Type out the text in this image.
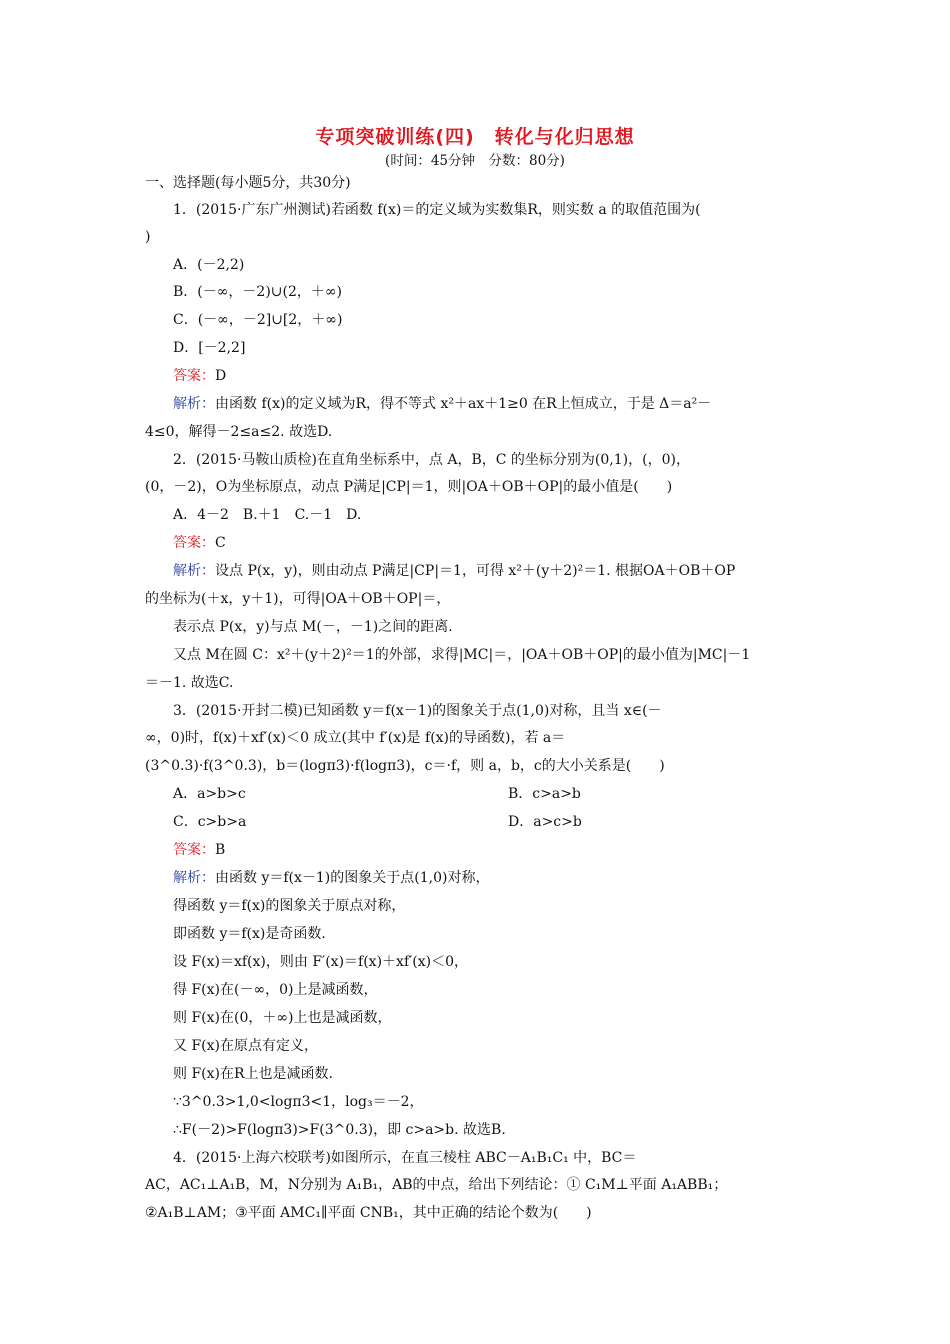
专项突破训练(四)　转化与化归思想
(时间：45分钟　分数：80分)
一、选择题(每小题5分，共30分)
1．(2015·广东广州测试)若函数 f(x)＝的定义域为实数集R，则实数 a 的取值范围为(
)
A．(－2,2)
B．(－∞，－2)∪(2，＋∞)
C．(－∞，－2]∪[2，＋∞)
D．[－2,2]
答案：D
解析：由函数 f(x)的定义域为R，得不等式 x²＋ax＋1≥0 在R上恒成立，于是 Δ＝a²－
4≤0，解得－2≤a≤2. 故选D.
2．(2015·马鞍山质检)在直角坐标系中，点 A，B，C 的坐标分别为(0,1)，(，0)，
(0，－2)，O为坐标原点，动点 P满足|CP|＝1，则|OA＋OB＋OP|的最小值是(　　)
A．4－2　B.＋1　C.－1　D.
答案：C
解析：设点 P(x，y)，则由动点 P满足|CP|＝1，可得 x²＋(y＋2)²＝1. 根据OA＋OB＋OP
的坐标为(＋x，y＋1)，可得|OA＋OB＋OP|＝，
表示点 P(x，y)与点 M(－，－1)之间的距离.
又点 M在圆 C：x²＋(y＋2)²＝1的外部，求得|MC|＝，|OA＋OB＋OP|的最小值为|MC|－1
＝－1. 故选C.
3．(2015·开封二模)已知函数 y＝f(x－1)的图象关于点(1,0)对称，且当 x∈(－
∞，0)时，f(x)＋xf′(x)＜0 成立(其中 f′(x)是 f(x)的导函数)，若 a＝
(3^0.3)·f(3^0.3)，b＝(logπ3)·f(logπ3)，c＝·f，则 a，b，c的大小关系是(　　)
A．a>b>c	B．c>a>b
C．c>b>a	D．a>c>b
答案：B
解析：由函数 y＝f(x－1)的图象关于点(1,0)对称，
得函数 y＝f(x)的图象关于原点对称，
即函数 y＝f(x)是奇函数.
设 F(x)＝xf(x)，则由 F′(x)＝f(x)＋xf′(x)＜0，
得 F(x)在(－∞，0)上是减函数，
则 F(x)在(0，＋∞)上也是减函数，
又 F(x)在原点有定义，
则 F(x)在R上也是减函数.
∵3^0.3>1,0<logπ3<1，log₃＝－2，
∴F(－2)>F(logπ3)>F(3^0.3)，即 c>a>b. 故选B.
4．(2015·上海六校联考)如图所示，在直三棱柱 ABC－A₁B₁C₁ 中，BC＝
AC，AC₁⊥A₁B，M，N分别为 A₁B₁，AB的中点，给出下列结论：① C₁M⊥平面 A₁ABB₁；
②A₁B⊥AM；③平面 AMC₁∥平面 CNB₁，其中正确的结论个数为(　　)
